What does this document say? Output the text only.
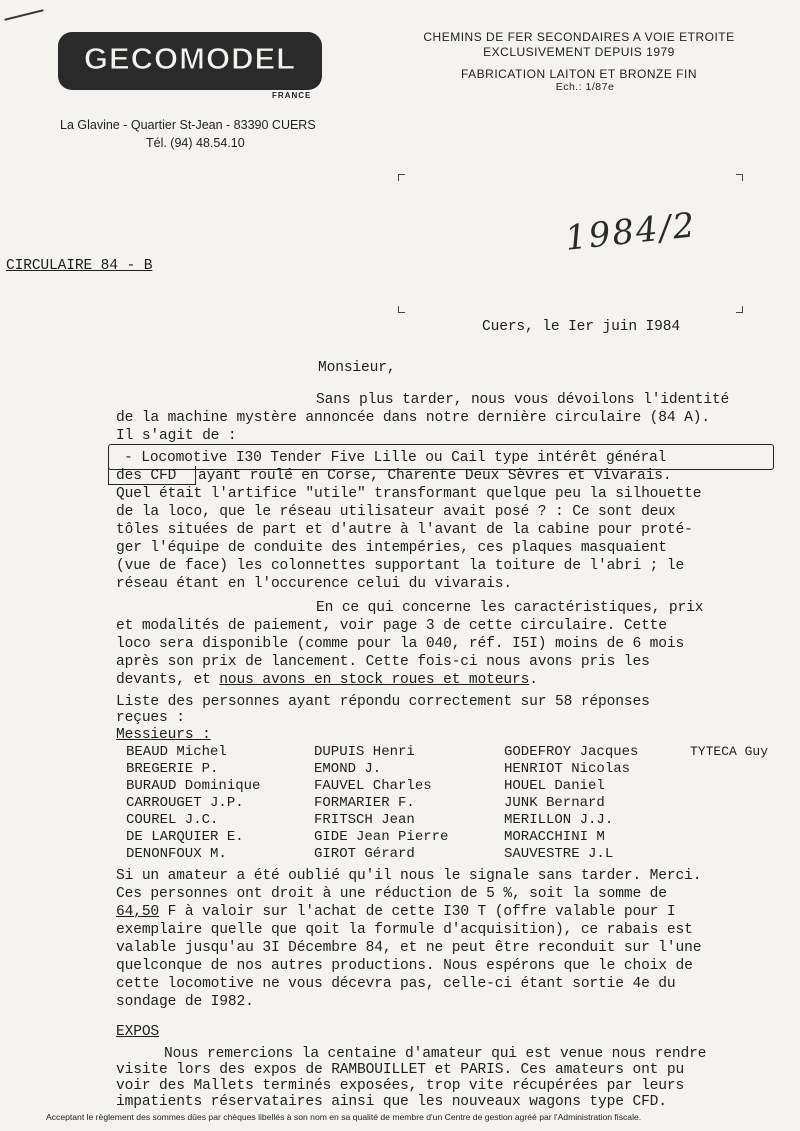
GECOMODEL
FRANCE
CHEMINS DE FER SECONDAIRES A VOIE ETROITE
EXCLUSIVEMENT DEPUIS 1979
FABRICATION LAITON ET BRONZE FIN
Ech.: 1/87e
La Glavine - Quartier St-Jean - 83390 CUERS
Tél. (94) 48.54.10
1984/2
CIRCULAIRE 84 - B
Cuers, le Ier juin I984
Monsieur,
Sans plus tarder, nous vous dévoilons l'identité
de la machine mystère annoncée dans notre dernière circulaire (84 A).
Il s'agit de :
- Locomotive I30 Tender Five Lille ou Cail type intérêt général
des CFD ayant roulé en Corse, Charente Deux Sèvres et Vivarais.
Quel était l'artifice "utile" transformant quelque peu la silhouette
de la loco, que le réseau utilisateur avait posé ? : Ce sont deux
tôles situées de part et d'autre à l'avant de la cabine pour proté-
ger l'équipe de conduite des intempéries, ces plaques masquaient
(vue de face) les colonnettes supportant la toiture de l'abri ; le
réseau étant en l'occurence celui du vivarais.
En ce qui concerne les caractéristiques, prix
et modalités de paiement, voir page 3 de cette circulaire. Cette
loco sera disponible (comme pour la 040, réf. I5I) moins de 6 mois
après son prix de lancement. Cette fois-ci nous avons pris les
devants, et nous avons en stock roues et moteurs.
Liste des personnes ayant répondu correctement sur 58 réponses
reçues :
Messieurs :
BEAUD Michel
BREGERIE P.
BURAUD Dominique
CARROUGET J.P.
COUREL J.C.
DE LARQUIER E.
DENONFOUX M.
DUPUIS Henri
EMOND J.
FAUVEL Charles
FORMARIER F.
FRITSCH Jean
GIDE Jean Pierre
GIROT Gérard
GODEFROY Jacques
HENRIOT Nicolas
HOUEL Daniel
JUNK Bernard
MERILLON J.J.
MORACCHINI M
SAUVESTRE J.L
TYTECA Guy
Si un amateur a été oublié qu'il nous le signale sans tarder. Merci.
Ces personnes ont droit à une réduction de 5 %, soit la somme de
64,50 F à valoir sur l'achat de cette I30 T (offre valable pour I
exemplaire quelle que qoit la formule d'acquisition), ce rabais est
valable jusqu'au 3I Décembre 84, et ne peut être reconduit sur l'une
quelconque de nos autres productions. Nous espérons que le choix de
cette locomotive ne vous décevra pas, celle-ci étant sortie 4e du
sondage de I982.
EXPOS
Nous remercions la centaine d'amateur qui est venue nous rendre
visite lors des expos de RAMBOUILLET et PARIS. Ces amateurs ont pu
voir des Mallets terminés exposées, trop vite récupérées par leurs
impatients réservataires ainsi que les nouveaux wagons type CFD.
Acceptant le règlement des sommes dûes par chèques libellés à son nom en sa qualité de membre d'un Centre de gestion agréé par l'Administration fiscale.
